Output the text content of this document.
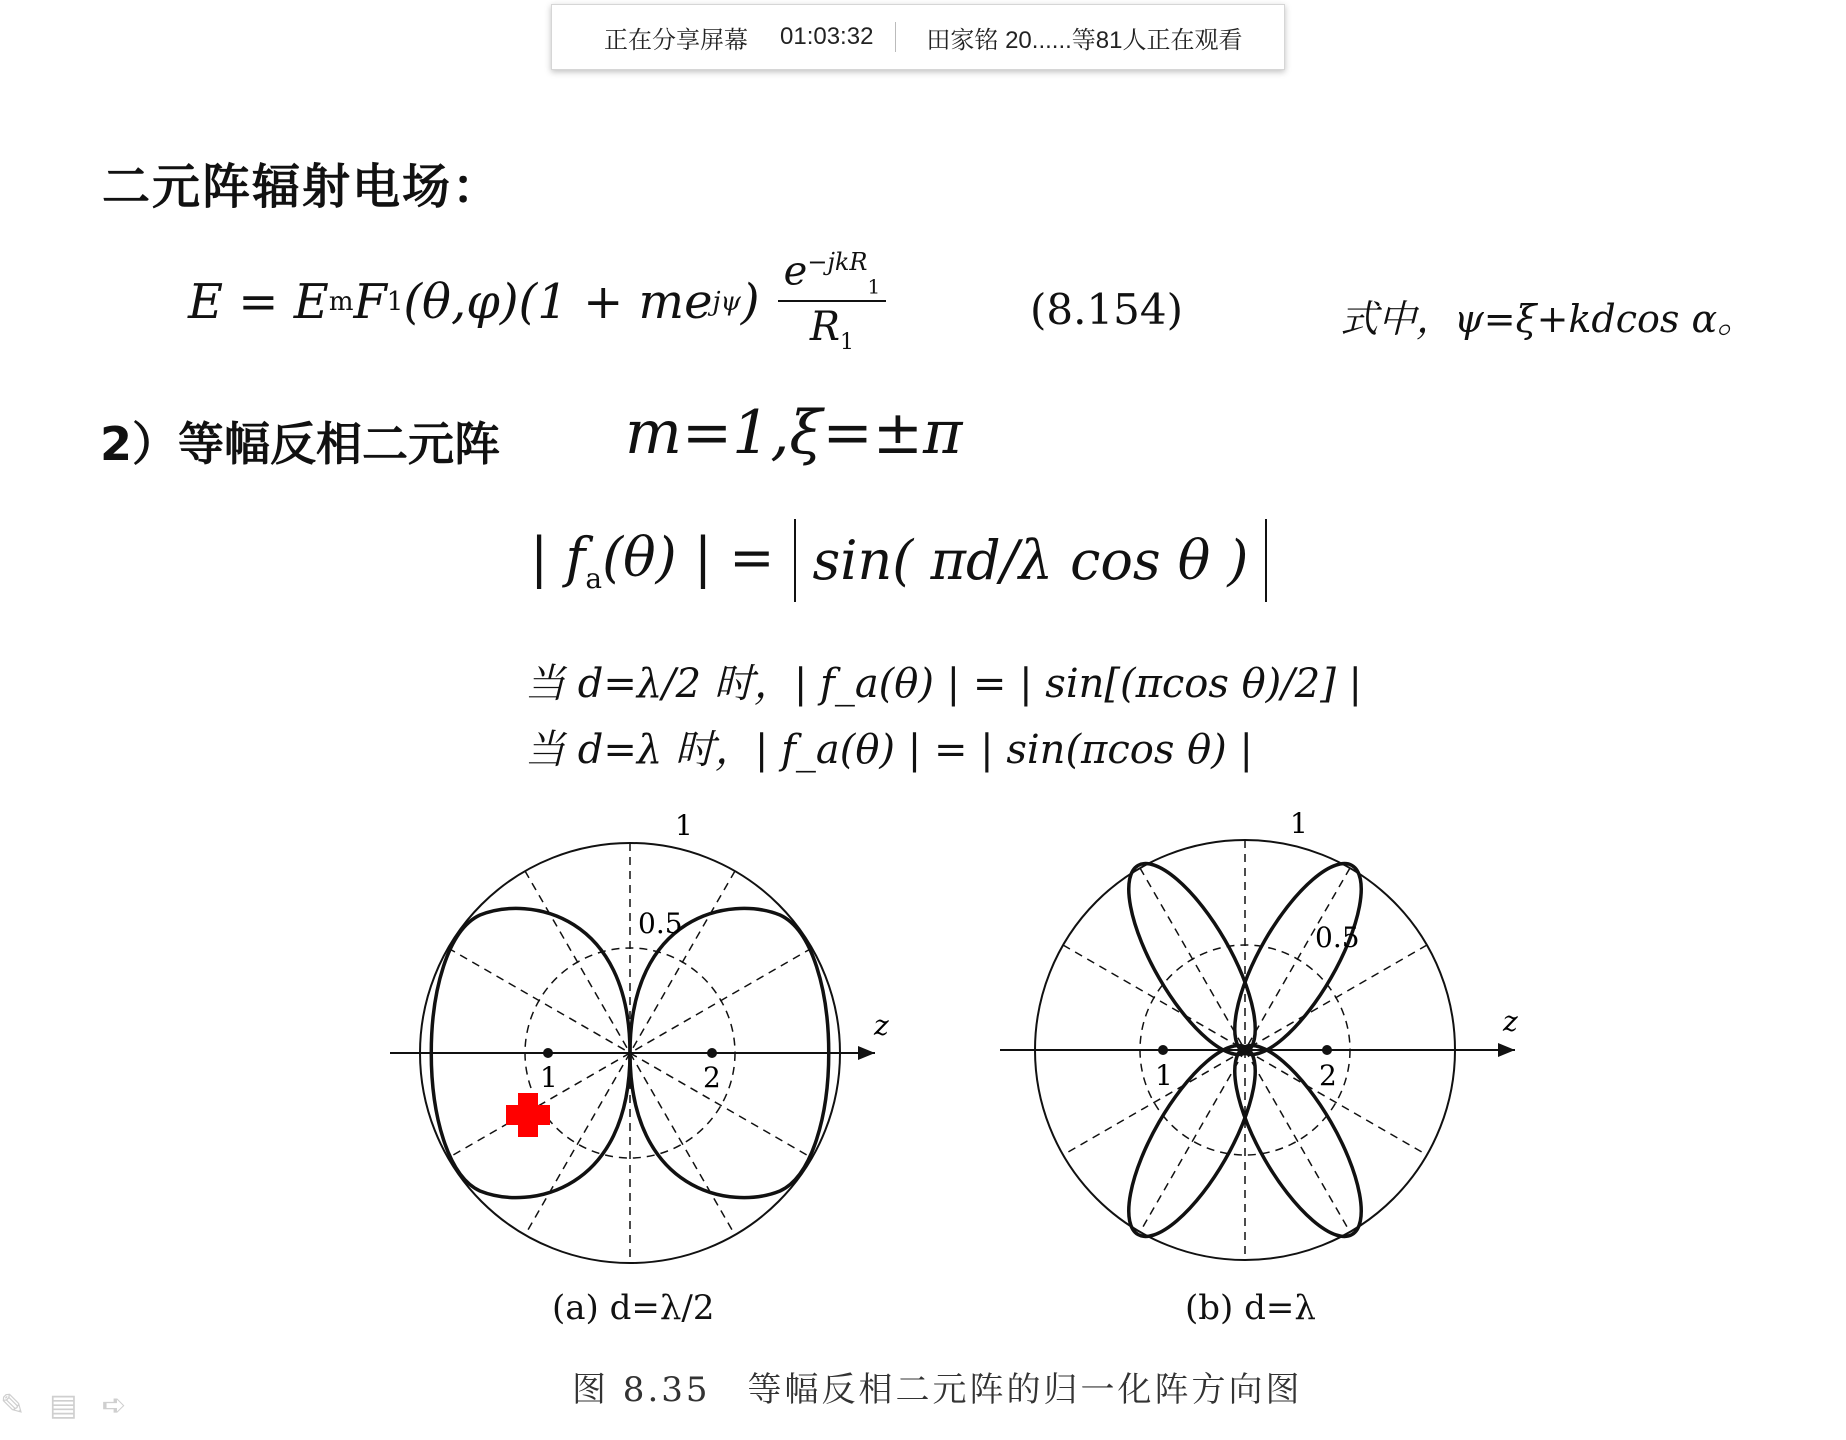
正在分享屏幕 01:03:32 田家铭 20......等81人正在观看
二元阵辐射电场：
E = E m F 1 (θ,φ)(1 + me jψ ) $\frac{e^{-jkR}_1}{R_1}$	(8.154)	式中，ψ=ξ+kdcos α。
2）等幅反相二元阵 m=1,ξ=±π
| $f_a(\theta)$ | = sin( πd/λ cos θ )
当 d=λ/2 时，| f_a(θ) | = | sin[(πcos θ)/2] |
当 d=λ 时，| f_a(θ) | = | sin(πcos θ) |
1
0.5
z
1	2
1
0.5
z
1	2
(a) d=λ/2	(b) d=λ
图 8.35　等幅反相二元阵的归一化阵方向图
✎ ▤ ➪
